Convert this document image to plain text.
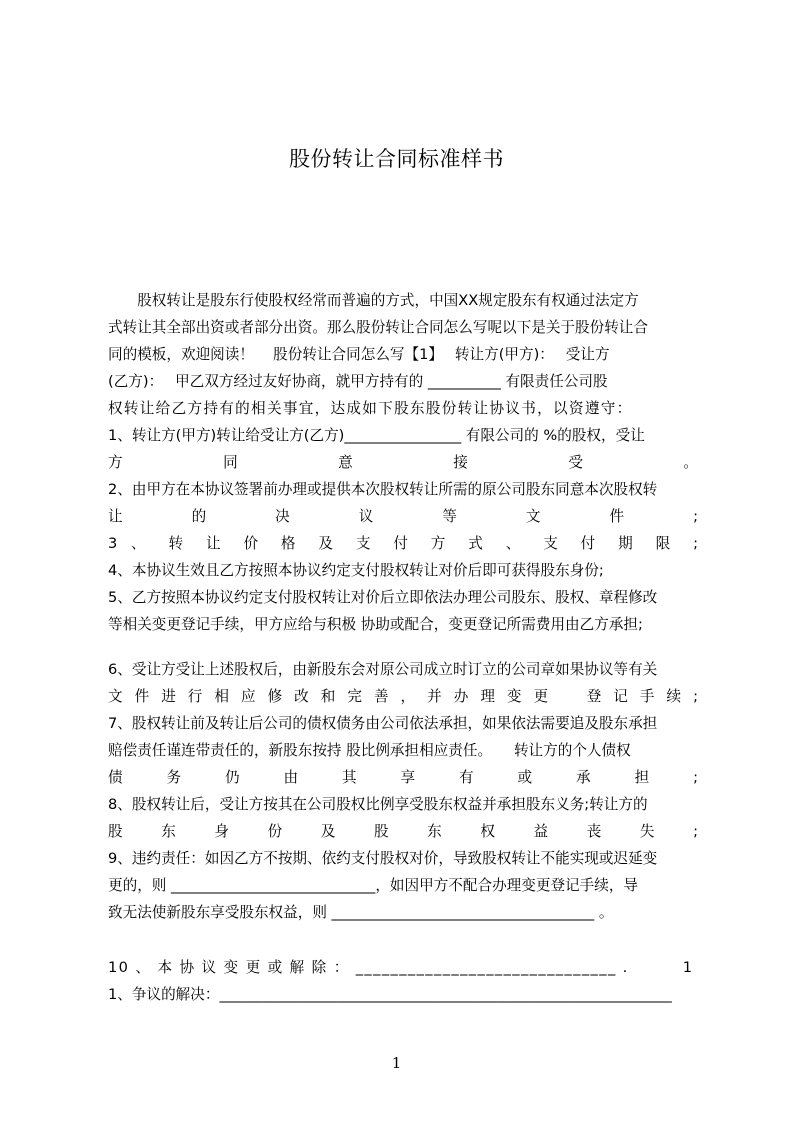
股份转让合同标准样书
　　股权转让是股东行使股权经常而普遍的方式，中国XX规定股东有权通过法定方
式转让其全部出资或者部分出资。那么股份转让合同怎么写呢以下是关于股份转让合
同的模板，欢迎阅读！　 股份转让合同怎么写【1】　 转让方(甲方)：　 受让方
(乙方)：　 甲乙双方经过友好协商，就甲方持有的 __________ 有限责任公司股
权转让给乙方持有的相关事宜，达成如下股东股份转让协议书，以资遵守：
1、转让方(甲方)转让给受让方(乙方)________________ 有限公司的 %的股权，受让
方 同 意 接 受 。
2、由甲方在本协议签署前办理或提供本次股权转让所需的原公司股东同意本次股权转
让 的 决 议 等 文 件 ;
3 、 转 让 价 格 及 支 付 方 式 、 支 付 期 限 ;
4、本协议生效且乙方按照本协议约定支付股权转让对价后即可获得股东身份;
5、乙方按照本协议约定支付股权转让对价后立即依法办理公司股东、股权、章程修改
等相关变更登记手续，甲方应给与积极 协助或配合，变更登记所需费用由乙方承担;
6、受让方受让上述股权后，由新股东会对原公司成立时订立的公司章如果协议等有关
文 件 进 行 相 应 修 改 和 完 善 ， 并 办 理 变 更 　 登 记 手 续 ;
7、股权转让前及转让后公司的债权债务由公司依法承担，如果依法需要追及股东承担
赔偿责任谨连带责任的，新股东按持 股比例承担相应责任。　　转让方的个人债权
债 务 仍 由 其 享 有 或 承 担 ;
8、股权转让后，受让方按其在公司股权比例享受股东权益并承担股东义务;转让方的
股 东 身 份 及 股 东 权 益 丧 失 ;
9、违约责任：如因乙方不按期、依约支付股权对价，导致股权转让不能实现或迟延变
更的，则 ____________________________，如因甲方不配合办理变更登记手续，导
致无法使新股东享受股东权益，则 ____________________________________ 。
10 、 本 协 议 变 更 或 解 除 ： ______________________________ .　　　 1
1、争议的解决：______________________________________________________________
1
